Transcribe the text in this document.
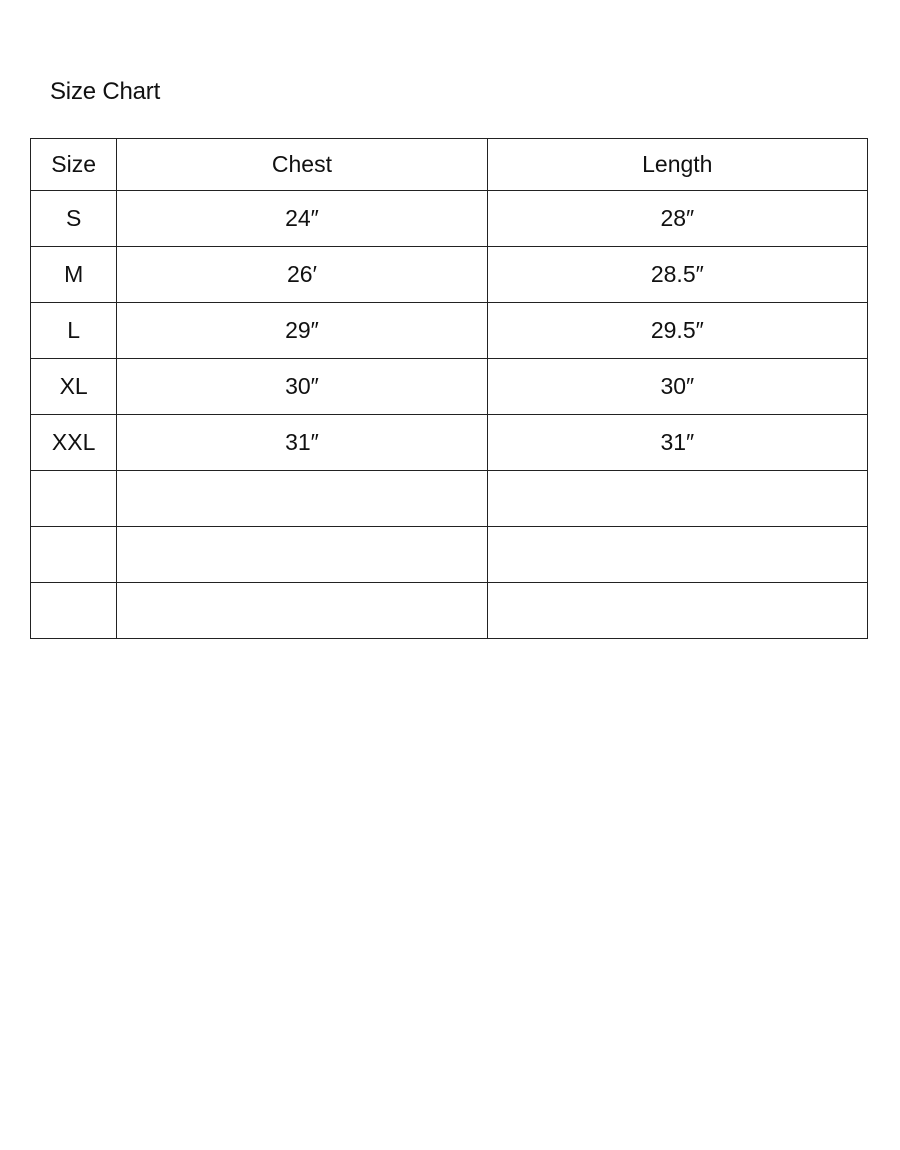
Size Chart
Size	Chest	Length
S	24″	28″
M	26′	28.5″
L	29″	29.5″
XL	30″	30″
XXL	31″	31″
